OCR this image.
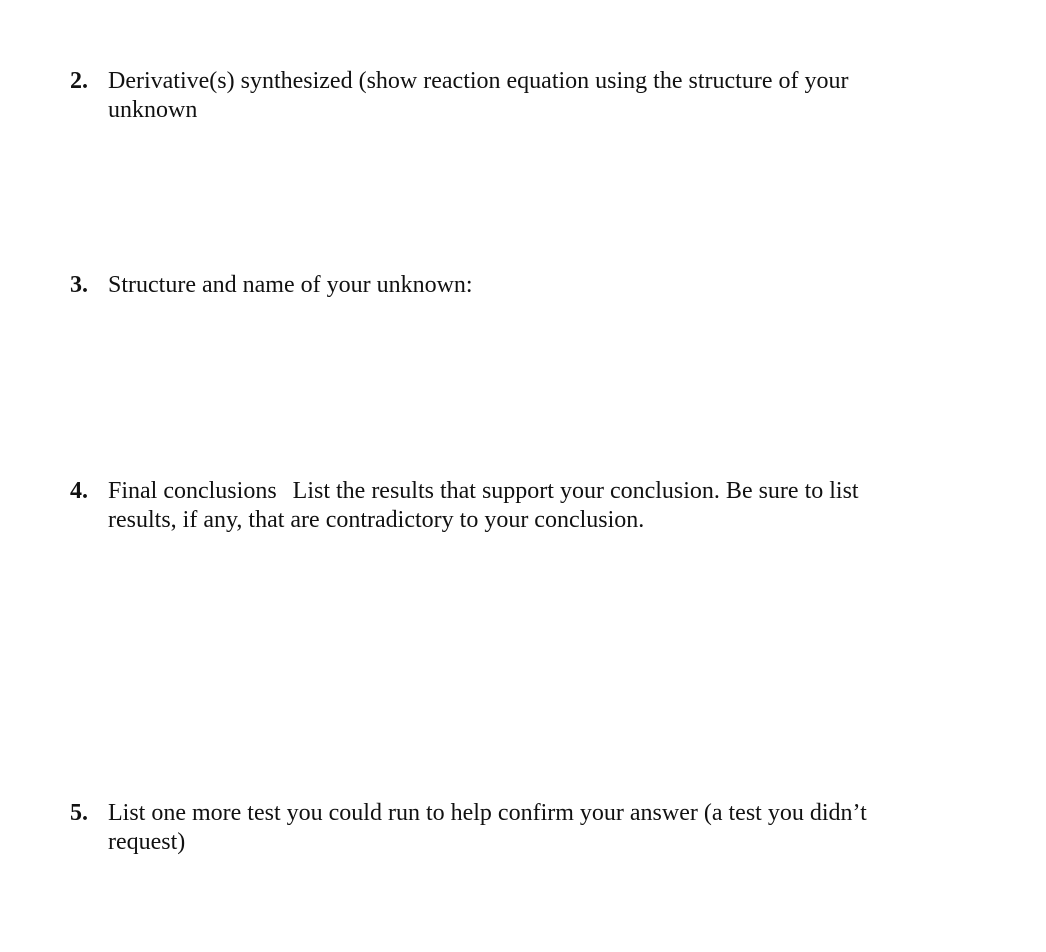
2. Derivative(s) synthesized (show reaction equation using the structure of your unknown
3. Structure and name of your unknown:
4. Final conclusions List the results that support your conclusion. Be sure to list results, if any, that are contradictory to your conclusion.
5. List one more test you could run to help confirm your answer (a test you didn’t request)
